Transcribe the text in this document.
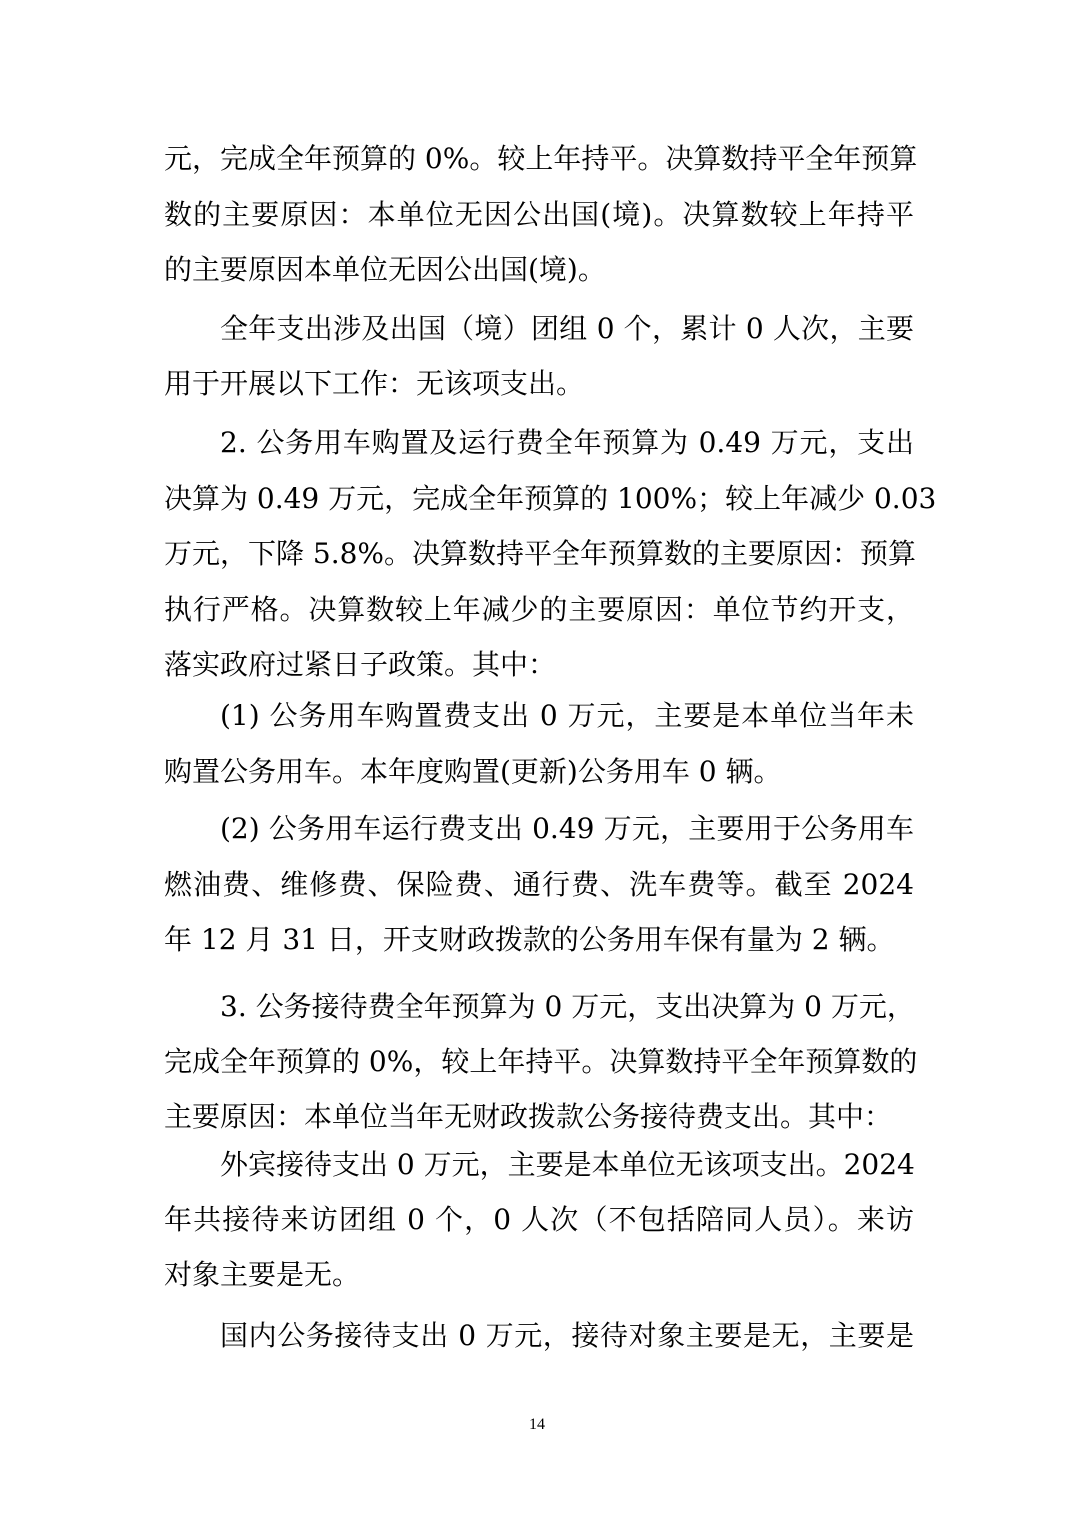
元，完成全年预算的 0%。较上年持平。决算数持平全年预算
数的主要原因：本单位无因公出国(境)。决算数较上年持平
的主要原因本单位无因公出国(境)。
全年支出涉及出国（境）团组 0 个，累计 0 人次，主要
用于开展以下工作：无该项支出。
2. 公务用车购置及运行费全年预算为 0.49 万元，支出
决算为 0.49 万元，完成全年预算的 100%；较上年减少 0.03
万元，下降 5.8%。决算数持平全年预算数的主要原因：预算
执行严格。决算数较上年减少的主要原因：单位节约开支，
落实政府过紧日子政策。其中：
(1) 公务用车购置费支出 0 万元，主要是本单位当年未
购置公务用车。本年度购置(更新)公务用车 0 辆。
(2) 公务用车运行费支出 0.49 万元，主要用于公务用车
燃油费、维修费、保险费、通行费、洗车费等。截至 2024
年 12 月 31 日，开支财政拨款的公务用车保有量为 2 辆。
3. 公务接待费全年预算为 0 万元，支出决算为 0 万元，
完成全年预算的 0%，较上年持平。决算数持平全年预算数的
主要原因：本单位当年无财政拨款公务接待费支出。其中：
外宾接待支出 0 万元，主要是本单位无该项支出。2024
年共接待来访团组 0 个，0 人次（不包括陪同人员）。来访
对象主要是无。
国内公务接待支出 0 万元，接待对象主要是无，主要是
14
